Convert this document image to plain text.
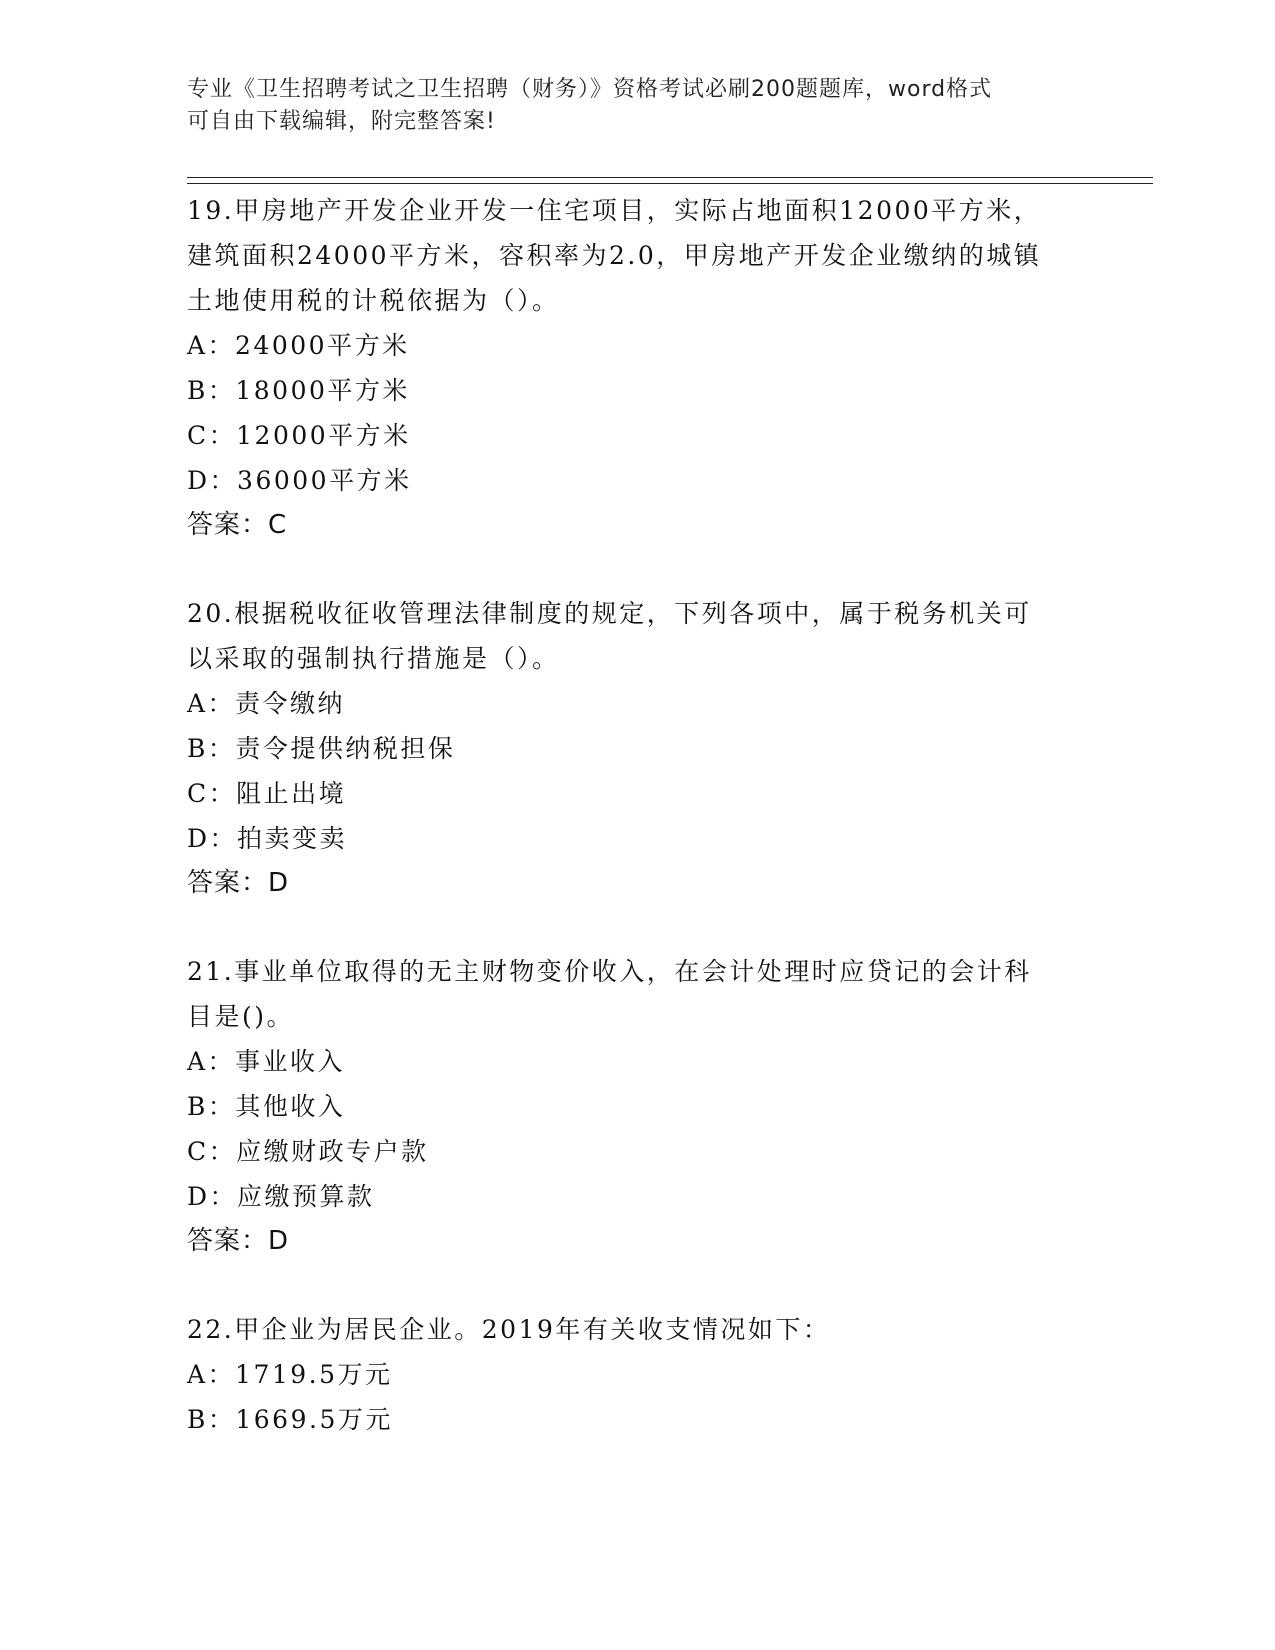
专业《卫生招聘考试之卫生招聘（财务）》资格考试必刷200题题库，word格式
可自由下载编辑，附完整答案!
19.甲房地产开发企业开发一住宅项目，实际占地面积12000平方米，
建筑面积24000平方米，容积率为2.0，甲房地产开发企业缴纳的城镇
土地使用税的计税依据为（）。
A：24000平方米
B：18000平方米
C：12000平方米
D：36000平方米
答案：C
20.根据税收征收管理法律制度的规定，下列各项中，属于税务机关可
以采取的强制执行措施是（）。
A：责令缴纳
B：责令提供纳税担保
C：阻止出境
D：拍卖变卖
答案：D
21.事业单位取得的无主财物变价收入，在会计处理时应贷记的会计科
目是()。
A：事业收入
B：其他收入
C：应缴财政专户款
D：应缴预算款
答案：D
22.甲企业为居民企业。2019年有关收支情况如下：
A：1719.5万元
B：1669.5万元
